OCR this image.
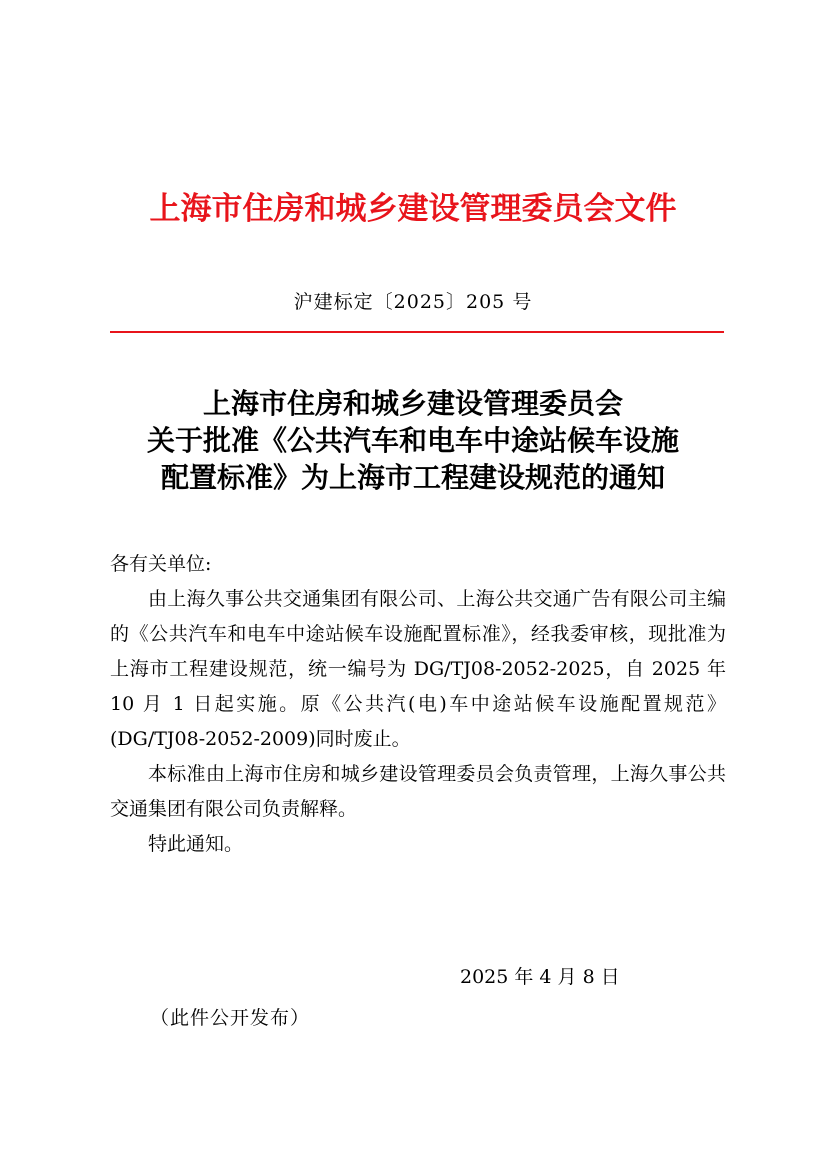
上海市住房和城乡建设管理委员会文件
沪建标定〔2025〕205 号
上海市住房和城乡建设管理委员会
关于批准《公共汽车和电车中途站候车设施
配置标准》为上海市工程建设规范的通知

各有关单位:

由上海久事公共交通集团有限公司、上海公共交通广告有限公司主编的《公共汽车和电车中途站候车设施配置标准》，经我委审核，现批准为上海市工程建设规范，统一编号为 DG/TJ08-2052-2025，自 2025 年 10 月 1 日起实施。原《公共汽(电)车中途站候车设施配置规范》(DG/TJ08-2052-2009)同时废止。

本标准由上海市住房和城乡建设管理委员会负责管理，上海久事公共交通集团有限公司负责解释。

特此通知。

2025 年 4 月 8 日
（此件公开发布）
